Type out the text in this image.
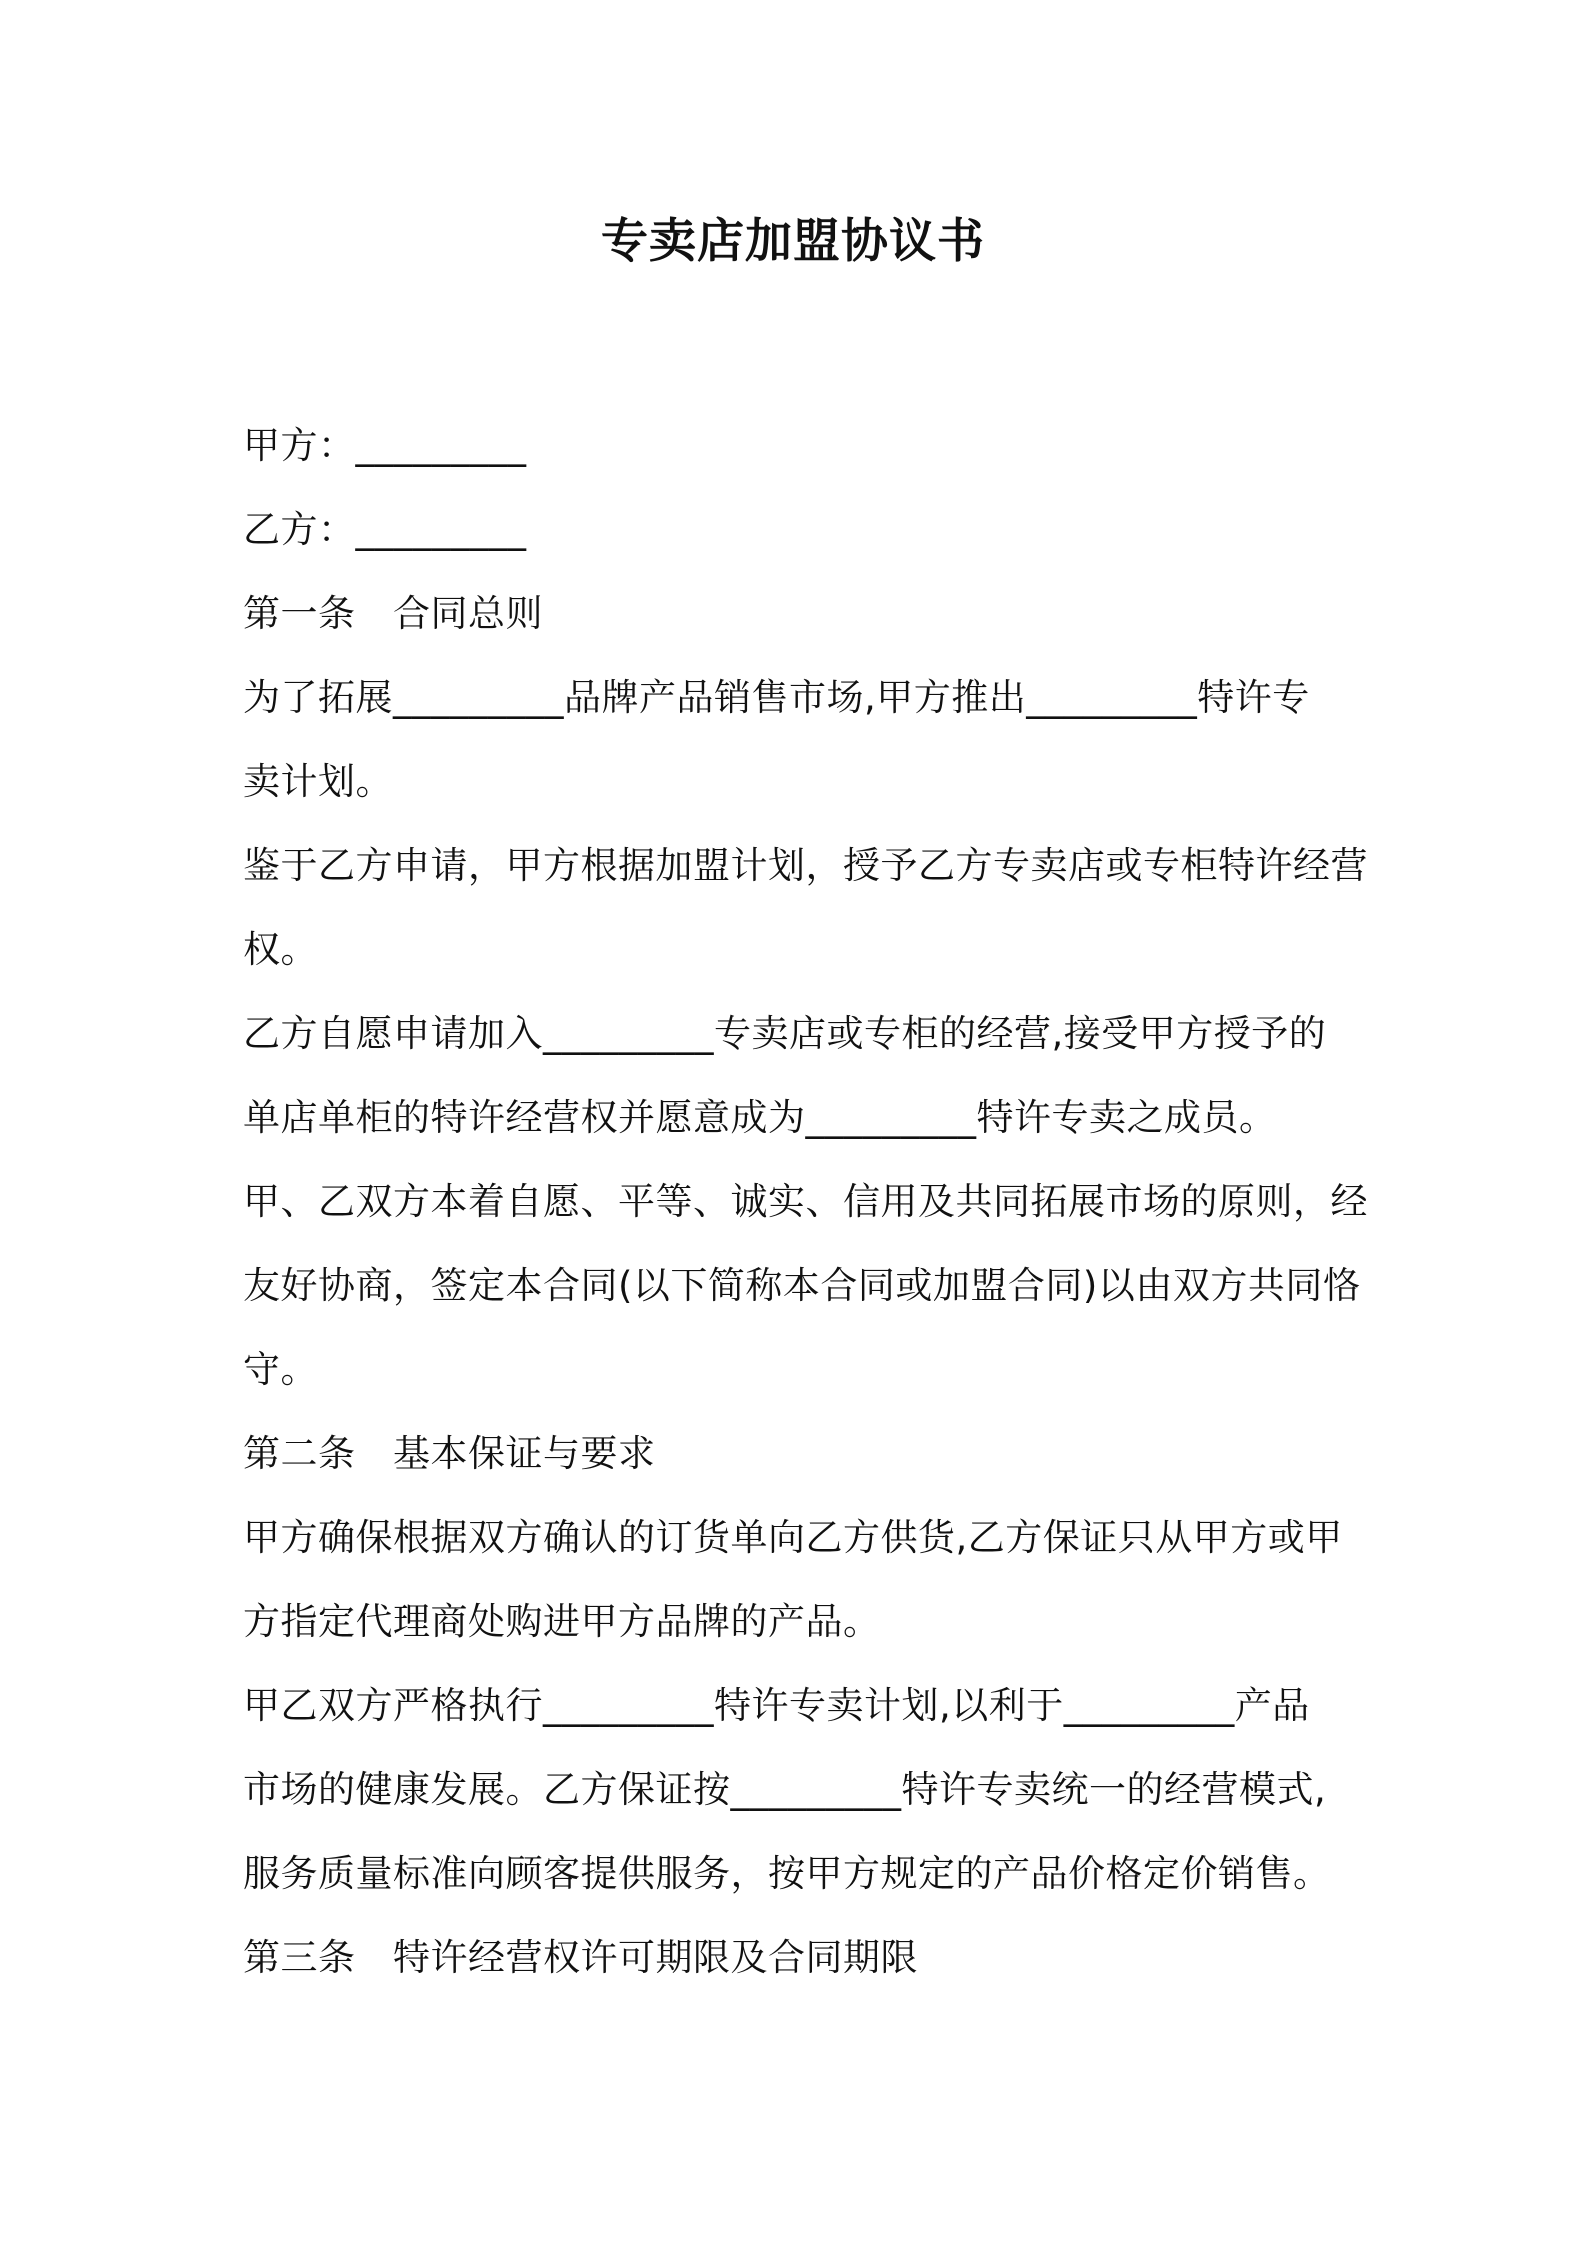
专卖店加盟协议书
甲方：_________
乙方：_________
第一条　合同总则
为了拓展_________品牌产品销售市场,甲方推出_________特许专
卖计划。
鉴于乙方申请，甲方根据加盟计划，授予乙方专卖店或专柜特许经营
权。
乙方自愿申请加入_________专卖店或专柜的经营,接受甲方授予的
单店单柜的特许经营权并愿意成为_________特许专卖之成员。
甲、乙双方本着自愿、平等、诚实、信用及共同拓展市场的原则，经
友好协商，签定本合同(以下简称本合同或加盟合同)以由双方共同恪
守。
第二条　基本保证与要求
甲方确保根据双方确认的订货单向乙方供货,乙方保证只从甲方或甲
方指定代理商处购进甲方品牌的产品。
甲乙双方严格执行_________特许专卖计划,以利于_________产品
市场的健康发展。乙方保证按_________特许专卖统一的经营模式,
服务质量标准向顾客提供服务，按甲方规定的产品价格定价销售。
第三条　特许经营权许可期限及合同期限
